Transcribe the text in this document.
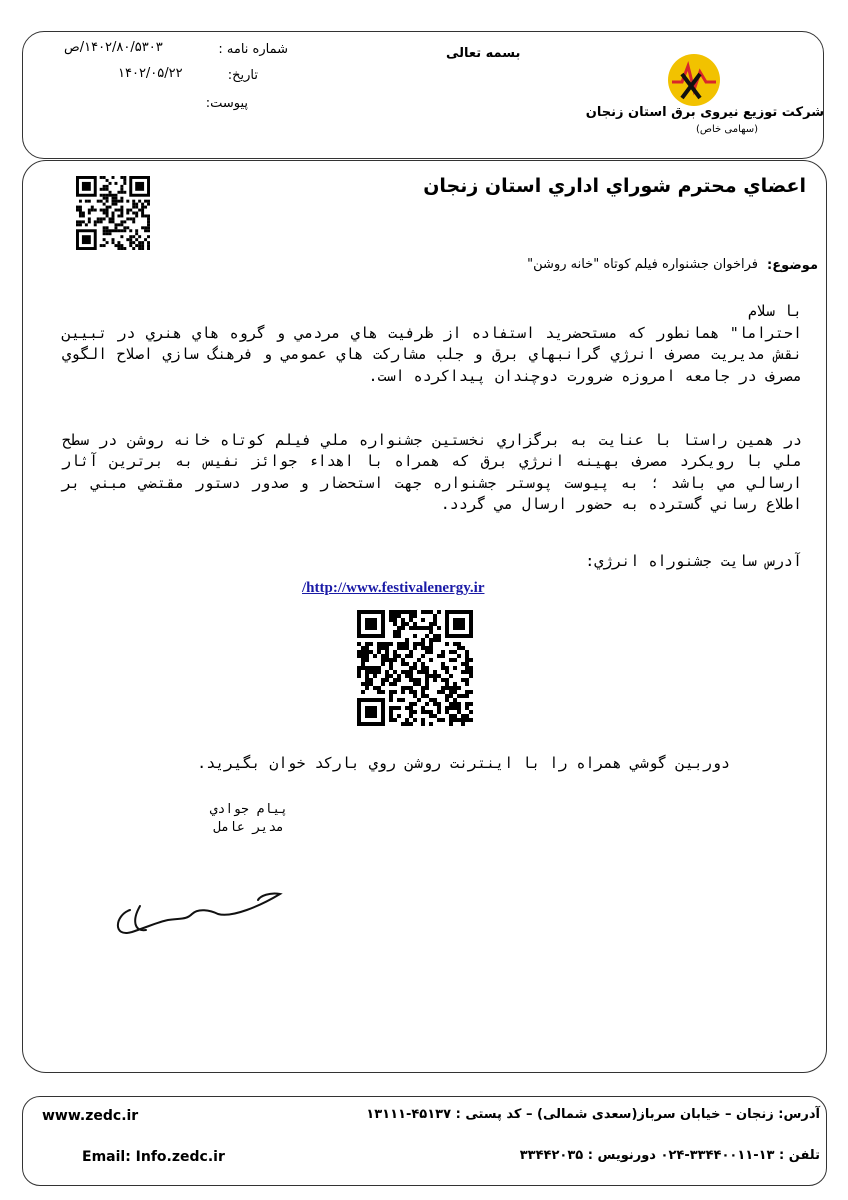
شماره نامه :
۱۴۰۲/۸۰/۵۳۰۳/ص
تاريخ:
۱۴۰۲/۰۵/۲۲
پيوست:
بسمه تعالی
شرکت توزیع نیروی برق استان زنجان
(سهامی خاص)
اعضاي محترم شوراي اداري استان زنجان
موضوع:
فراخوان جشنواره فيلم کوتاه "خانه روشن"
با سلام
احتراما" همانطور كه مستحضريد استفاده از ظرفيت هاي مردمي و گروه هاي هنري در تبيين نقش مديريت مصرف انرژي گرانبهاي برق و جلب مشاركت هاي عمومي و فرهنگ سازي اصلاح الگوي مصرف در جامعه امروزه ضرورت دوچندان پيداكرده است.
در همين راستا با عنايت به برگزاري نخستين جشنواره ملي فيلم كوتاه خانه روشن در سطح ملي با رويكرد مصرف بهينه انرژي برق كه همراه با اهداء جوائز نفيس به برترين آثار ارسالي مي باشد ؛ به پيوست پوستر جشنواره جهت استحضار و صدور دستور مقتضي مبني بر اطلاع رساني گسترده به حضور ارسال مي گردد.
آدرس سايت جشنوراه انرژي:
/http://www.festivalenergy.ir
دوربين گوشي همراه را با اينترنت روشن روي باركد خوان بگيريد.
پيام جوادي
مدير عامل
www.zedc.ir
Email: Info.zedc.ir
آدرس: زنجان – خیابان سرباز(سعدی شمالی) – کد پستی : ۴۵۱۳۷-۱۳۱۱۱
تلفن : ۱۳-۳۳۴۴۰۰۱۱-۰۲۴ دورنویس : ۳۳۴۴۲۰۳۵
